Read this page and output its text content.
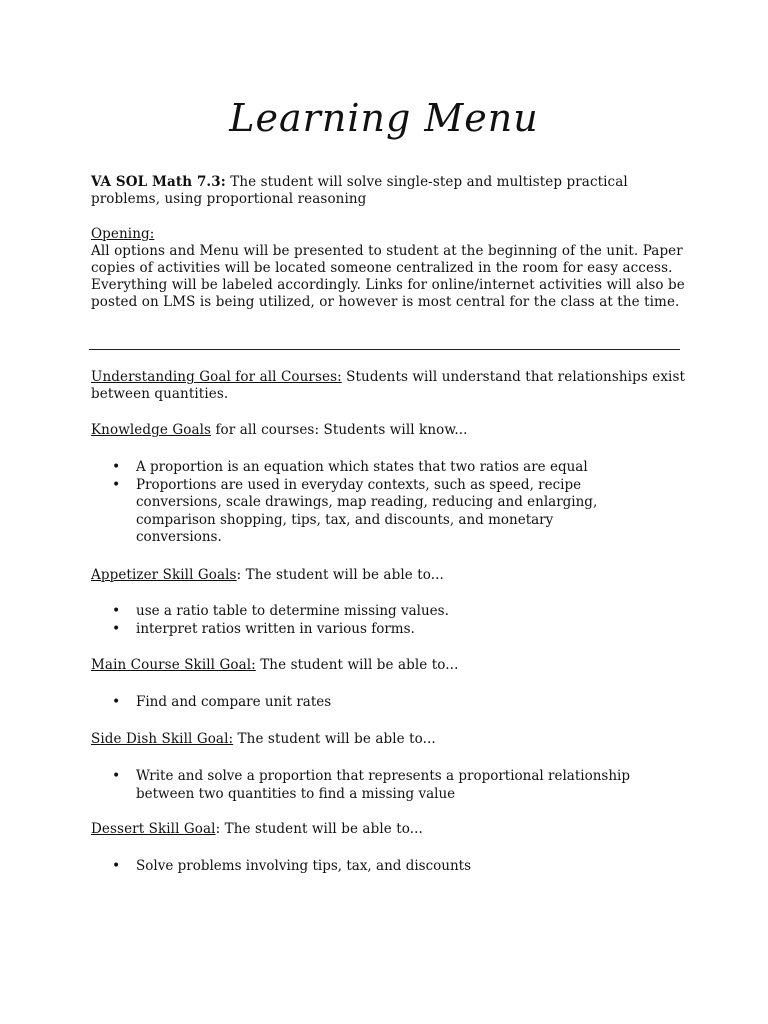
Learning Menu
VA SOL Math 7.3: The student will solve single-step and multistep practical problems, using proportional reasoning
Opening:
All options and Menu will be presented to student at the beginning of the unit. Paper copies of activities will be located someone centralized in the room for easy access. Everything will be labeled accordingly. Links for online/internet activities will also be posted on LMS is being utilized, or however is most central for the class at the time.
Understanding Goal for all Courses: Students will understand that relationships exist between quantities.
Knowledge Goals for all courses: Students will know...
• A proportion is an equation which states that two ratios are equal
• Proportions are used in everyday contexts, such as speed, recipe conversions, scale drawings, map reading, reducing and enlarging, comparison shopping, tips, tax, and discounts, and monetary conversions.
Appetizer Skill Goals: The student will be able to...
• use a ratio table to determine missing values.
• interpret ratios written in various forms.
Main Course Skill Goal: The student will be able to...
• Find and compare unit rates
Side Dish Skill Goal: The student will be able to...
• Write and solve a proportion that represents a proportional relationship between two quantities to find a missing value
Dessert Skill Goal: The student will be able to...
• Solve problems involving tips, tax, and discounts
